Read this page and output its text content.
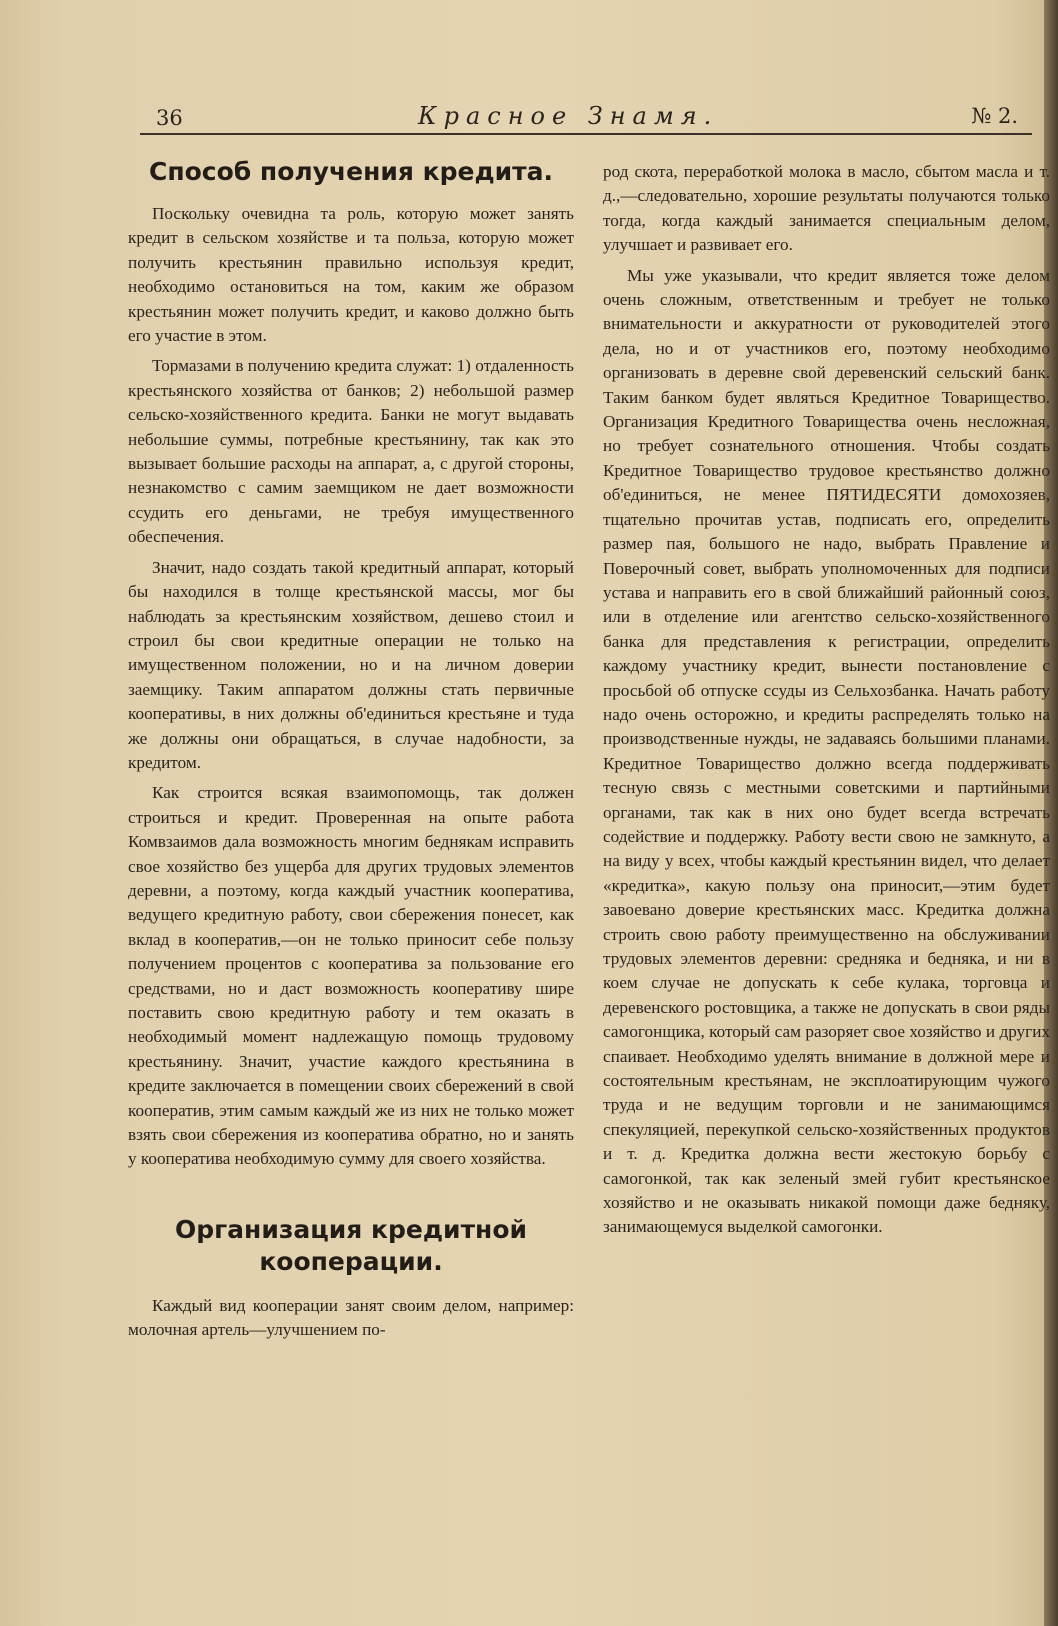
36	Красное Знамя.	№ 2.
Способ получения кредита.

Поскольку очевидна та роль, которую может занять кредит в сельском хозяйстве и та польза, которую может получить крестьянин правильно используя кредит, необходимо остановиться на том, каким же образом крестьянин может получить кредит, и каково должно быть его участие в этом.

Тормазами в получению кредита служат: 1) отдаленность крестьянского хозяйства от банков; 2) небольшой размер сельско-хозяйственного кредита. Банки не могут выдавать небольшие суммы, потребные крестьянину, так как это вызывает большие расходы на аппарат, а, с другой стороны, незнакомство с самим заемщиком не дает возможности ссудить его деньгами, не требуя имущественного обеспечения.

Значит, надо создать такой кредитный аппарат, который бы находился в толще крестьянской массы, мог бы наблюдать за крестьянским хозяйством, дешево стоил и строил бы свои кредитные операции не только на имущественном положении, но и на личном доверии заемщику. Таким аппаратом должны стать первичные кооперативы, в них должны об'единиться крестьяне и туда же должны они обращаться, в случае надобности, за кредитом.

Как строится всякая взаимопомощь, так должен строиться и кредит. Проверенная на опыте работа Комвзаимов дала возможность многим беднякам исправить свое хозяйство без ущерба для других трудовых элементов деревни, а поэтому, когда каждый участник кооператива, ведущего кредитную работу, свои сбережения понесет, как вклад в кооператив,—он не только приносит себе пользу получением процентов с кооператива за пользование его средствами, но и даст возможность кооперативу шире поставить свою кредитную работу и тем оказать в необходимый момент надлежащую помощь трудовому крестьянину. Значит, участие каждого крестьянина в кредите заключается в помещении своих сбережений в свой кооператив, этим самым каждый же из них не только может взять свои сбережения из кооператива обратно, но и занять у кооператива необходимую сумму для своего хозяйства.

Организация кредитной кооперации.

Каждый вид кооперации занят своим делом, например: молочная артель—улучшением по-

род скота, переработкой молока в масло, сбытом масла и т. д.,—следовательно, хорошие результаты получаются только тогда, когда каждый занимается специальным делом, улучшает и развивает его.

Мы уже указывали, что кредит является тоже делом очень сложным, ответственным и требует не только внимательности и аккуратности от руководителей этого дела, но и от участников его, поэтому необходимо организовать в деревне свой деревенский сельский банк. Таким банком будет являться Кредитное Товарищество. Организация Кредитного Товарищества очень несложная, но требует сознательного отношения. Чтобы создать Кредитное Товарищество трудовое крестьянство должно об'единиться, не менее ПЯТИДЕСЯТИ домохозяев, тщательно прочитав устав, подписать его, определить размер пая, большого не надо, выбрать Правление и Поверочный совет, выбрать уполномоченных для подписи устава и направить его в свой ближайший районный союз, или в отделение или агентство сельско-хозяйственного банка для представления к регистрации, определить каждому участнику кредит, вынести постановление с просьбой об отпуске ссуды из Сельхозбанка. Начать работу надо очень осторожно, и кредиты распределять только на производственные нужды, не задаваясь большими планами. Кредитное Товарищество должно всегда поддерживать тесную связь с местными советскими и партийными органами, так как в них оно будет всегда встречать содействие и поддержку. Работу вести свою не замкнуто, а на виду у всех, чтобы каждый крестьянин видел, что делает «кредитка», какую пользу она приносит,—этим будет завоевано доверие крестьянских масс. Кредитка должна строить свою работу преимущественно на обслуживании трудовых элементов деревни: средняка и бедняка, и ни в коем случае не допускать к себе кулака, торговца и деревенского ростовщика, а также не допускать в свои ряды самогонщика, который сам разоряет свое хозяйство и других спаивает. Необходимо уделять внимание в должной мере и состоятельным крестьянам, не эксплоатирующим чужого труда и не ведущим торговли и не занимающимся спекуляцией, перекупкой сельско-хозяйственных продуктов и т. д. Кредитка должна вести жестокую борьбу с самогонкой, так как зеленый змей губит крестьянское хозяйство и не оказывать никакой помощи даже бедняку, занимающемуся выделкой самогонки.
